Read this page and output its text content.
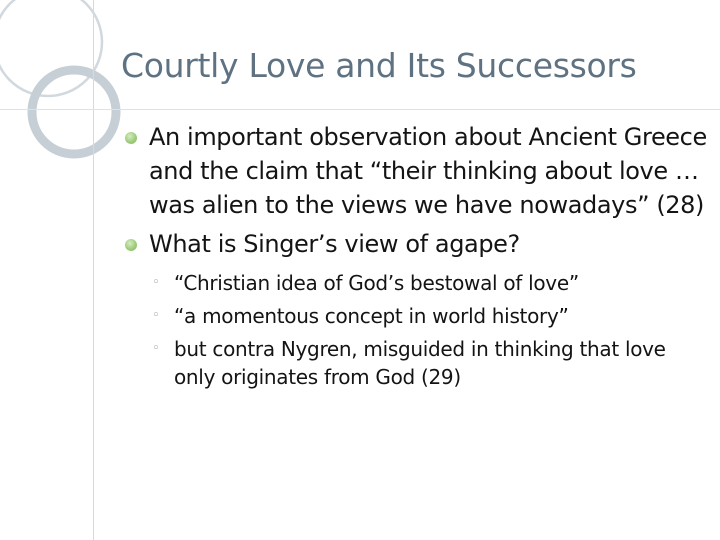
Courtly Love and Its Successors
An important observation about Ancient Greece and the claim that “their thinking about love …was alien to the views we have nowadays” (28)
What is Singer’s view of agape?
◦ “Christian idea of God’s bestowal of love”
◦ “a momentous concept in world history”
◦ but contra Nygren, misguided in thinking that love only originates from God (29)
